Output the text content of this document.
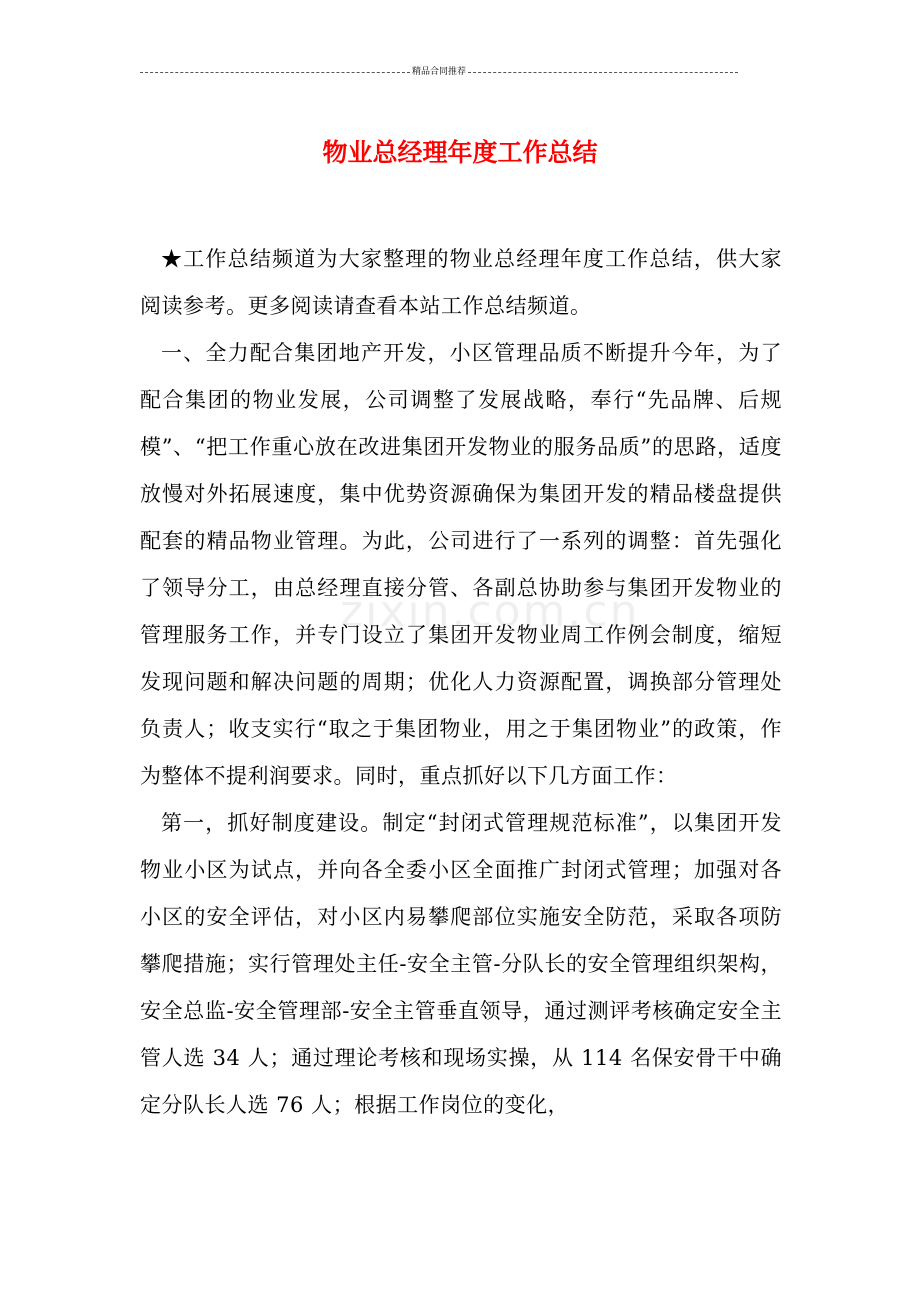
精品合同推荐
zixin.com.cn
物业总经理年度工作总结

★工作总结频道为大家整理的物业总经理年度工作总结，供大家阅读参考。更多阅读请查看本站工作总结频道。

一、全力配合集团地产开发，小区管理品质不断提升今年，为了配合集团的物业发展，公司调整了发展战略，奉行“先品牌、后规模”、“把工作重心放在改进集团开发物业的服务品质”的思路，适度放慢对外拓展速度，集中优势资源确保为集团开发的精品楼盘提供配套的精品物业管理。为此，公司进行了一系列的调整：首先强化了领导分工，由总经理直接分管、各副总协助参与集团开发物业的管理服务工作，并专门设立了集团开发物业周工作例会制度，缩短发现问题和解决问题的周期；优化人力资源配置，调换部分管理处负责人；收支实行“取之于集团物业，用之于集团物业”的政策，作为整体不提利润要求。同时，重点抓好以下几方面工作：

第一，抓好制度建设。制定“封闭式管理规范标准”，以集团开发物业小区为试点，并向各全委小区全面推广封闭式管理；加强对各小区的安全评估，对小区内易攀爬部位实施安全防范，采取各项防攀爬措施；实行管理处主任-安全主管-分队长的安全管理组织架构，安全总监-安全管理部-安全主管垂直领导，通过测评考核确定安全主管人选 34 人；通过理论考核和现场实操，从 114 名保安骨干中确定分队长人选 76 人；根据工作岗位的变化，
